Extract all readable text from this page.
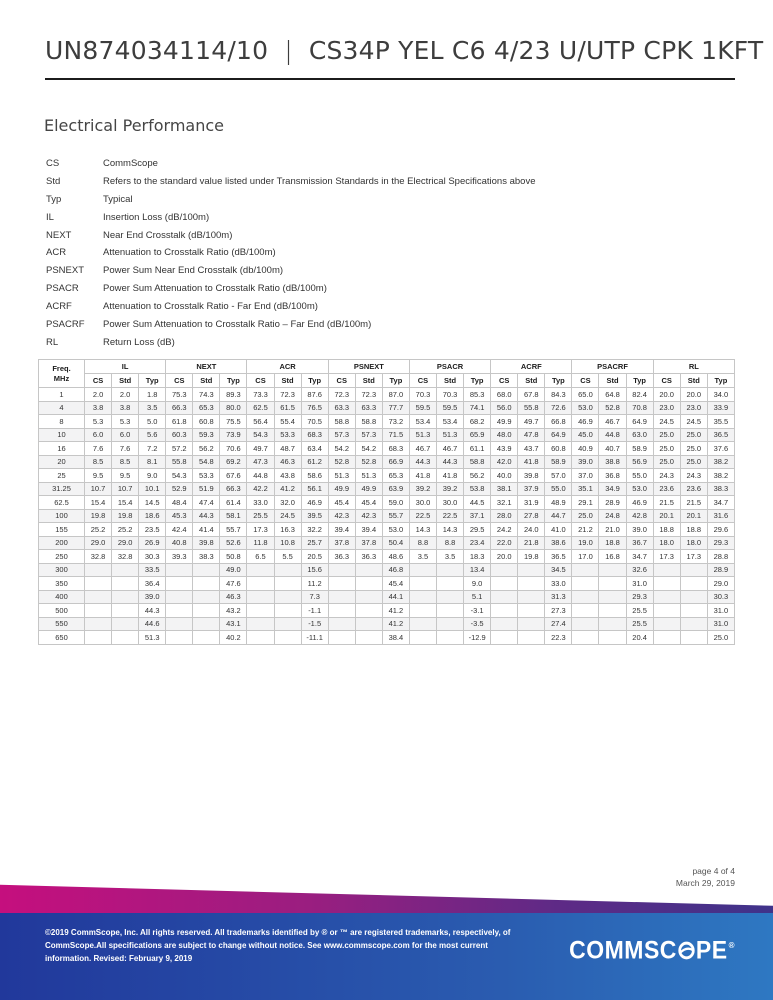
UN874034114/10 | CS34P YEL C6 4/23 U/UTP CPK 1KFT
Electrical Performance
CS	CommScope
Std	Refers to the standard value listed under Transmission Standards in the Electrical Specifications above
Typ	Typical
IL	Insertion Loss (dB/100m)
NEXT	Near End Crosstalk (dB/100m)
ACR	Attenuation to Crosstalk Ratio (dB/100m)
PSNEXT	Power Sum Near End Crosstalk (db/100m)
PSACR	Power Sum Attenuation to Crosstalk Ratio (dB/100m)
ACRF	Attenuation to Crosstalk Ratio - Far End (dB/100m)
PSACRF	Power Sum Attenuation to Crosstalk Ratio – Far End (dB/100m)
RL	Return Loss (dB)
Freq.
MHz	IL			NEXT			ACR			PSNEXT			PSACR			ACRF			PSACRF			RL		
	CS	Std	Typ	CS	Std	Typ	CS	Std	Typ	CS	Std	Typ	CS	Std	Typ	CS	Std	Typ	CS	Std	Typ	CS	Std	Typ
1	2.0	2.0	1.8	75.3	74.3	89.3	73.3	72.3	87.6	72.3	72.3	87.0	70.3	70.3	85.3	68.0	67.8	84.3	65.0	64.8	82.4	20.0	20.0	34.0
4	3.8	3.8	3.5	66.3	65.3	80.0	62.5	61.5	76.5	63.3	63.3	77.7	59.5	59.5	74.1	56.0	55.8	72.6	53.0	52.8	70.8	23.0	23.0	33.9
8	5.3	5.3	5.0	61.8	60.8	75.5	56.4	55.4	70.5	58.8	58.8	73.2	53.4	53.4	68.2	49.9	49.7	66.8	46.9	46.7	64.9	24.5	24.5	35.5
10	6.0	6.0	5.6	60.3	59.3	73.9	54.3	53.3	68.3	57.3	57.3	71.5	51.3	51.3	65.9	48.0	47.8	64.9	45.0	44.8	63.0	25.0	25.0	36.5
16	7.6	7.6	7.2	57.2	56.2	70.6	49.7	48.7	63.4	54.2	54.2	68.3	46.7	46.7	61.1	43.9	43.7	60.8	40.9	40.7	58.9	25.0	25.0	37.6
20	8.5	8.5	8.1	55.8	54.8	69.2	47.3	46.3	61.2	52.8	52.8	66.9	44.3	44.3	58.8	42.0	41.8	58.9	39.0	38.8	56.9	25.0	25.0	38.2
25	9.5	9.5	9.0	54.3	53.3	67.6	44.8	43.8	58.6	51.3	51.3	65.3	41.8	41.8	56.2	40.0	39.8	57.0	37.0	36.8	55.0	24.3	24.3	38.2
31.25	10.7	10.7	10.1	52.9	51.9	66.3	42.2	41.2	56.1	49.9	49.9	63.9	39.2	39.2	53.8	38.1	37.9	55.0	35.1	34.9	53.0	23.6	23.6	38.3
62.5	15.4	15.4	14.5	48.4	47.4	61.4	33.0	32.0	46.9	45.4	45.4	59.0	30.0	30.0	44.5	32.1	31.9	48.9	29.1	28.9	46.9	21.5	21.5	34.7
100	19.8	19.8	18.6	45.3	44.3	58.1	25.5	24.5	39.5	42.3	42.3	55.7	22.5	22.5	37.1	28.0	27.8	44.7	25.0	24.8	42.8	20.1	20.1	31.6
155	25.2	25.2	23.5	42.4	41.4	55.7	17.3	16.3	32.2	39.4	39.4	53.0	14.3	14.3	29.5	24.2	24.0	41.0	21.2	21.0	39.0	18.8	18.8	29.6
200	29.0	29.0	26.9	40.8	39.8	52.6	11.8	10.8	25.7	37.8	37.8	50.4	8.8	8.8	23.4	22.0	21.8	38.6	19.0	18.8	36.7	18.0	18.0	29.3
250	32.8	32.8	30.3	39.3	38.3	50.8	6.5	5.5	20.5	36.3	36.3	48.6	3.5	3.5	18.3	20.0	19.8	36.5	17.0	16.8	34.7	17.3	17.3	28.8
300			33.5			49.0			15.6			46.8			13.4			34.5			32.6			28.9
350			36.4			47.6			11.2			45.4			9.0			33.0			31.0			29.0
400			39.0			46.3			7.3			44.1			5.1			31.3			29.3			30.3
500			44.3			43.2			-1.1			41.2			-3.1			27.3			25.5			31.0
550			44.6			43.1			-1.5			41.2			-3.5			27.4			25.5			31.0
650			51.3			40.2			-11.1			38.4			-12.9			22.3			20.4			25.0
page 4 of 4
March 29, 2019
©2019 CommScope, Inc. All rights reserved. All trademarks identified by ® or ™ are registered trademarks, respectively, of CommScope.All specifications are subject to change without notice. See www.commscope.com for the most current information. Revised: February 9, 2019	COMMSC PE®
